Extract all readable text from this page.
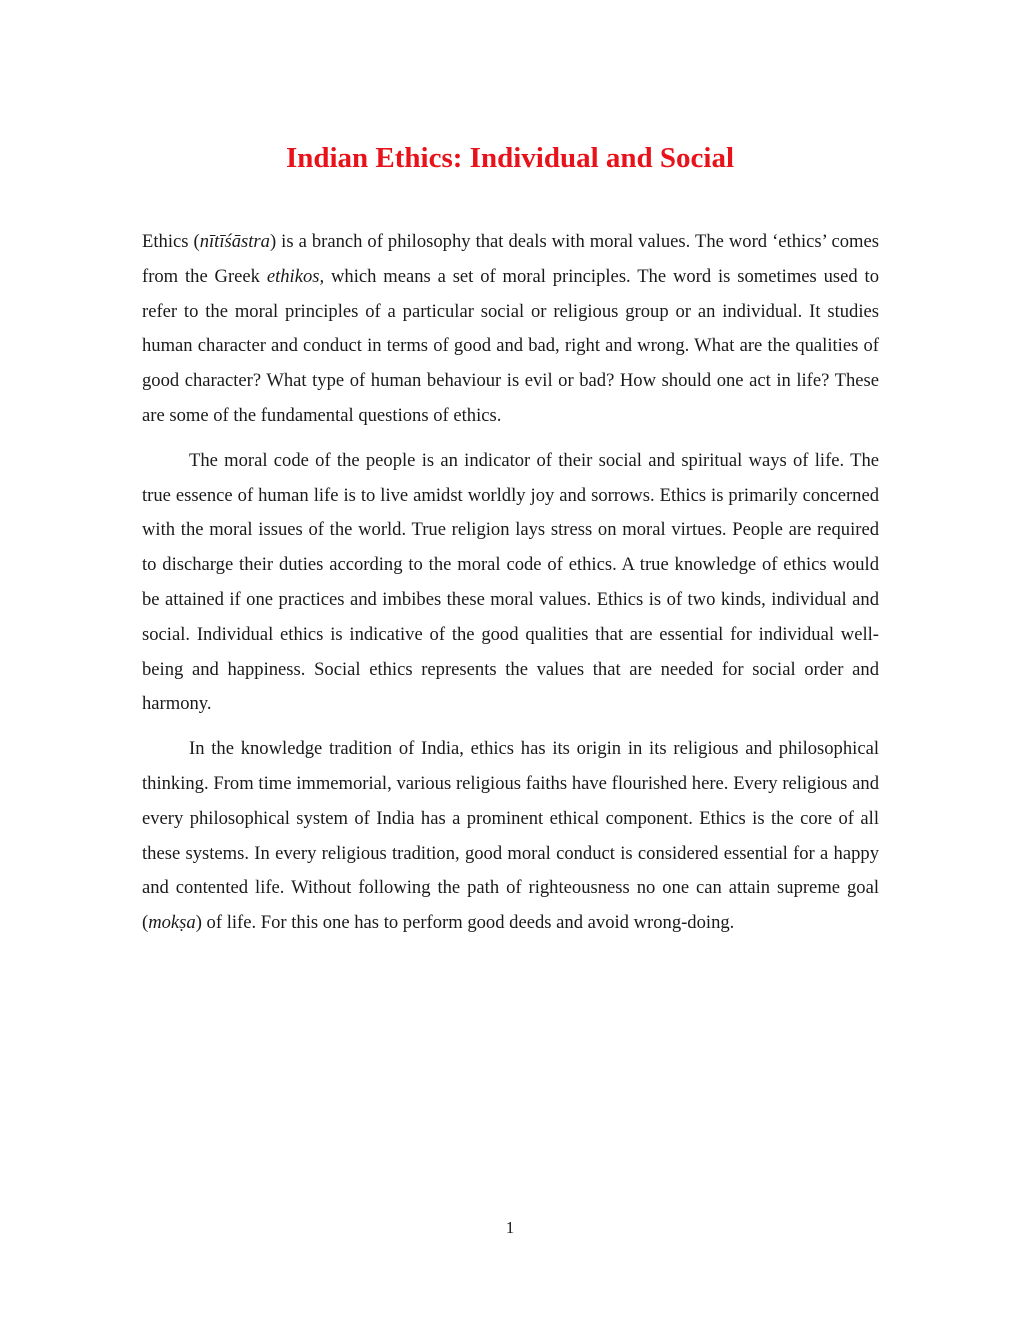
Indian Ethics: Individual and Social

Ethics (nītīśāstra) is a branch of philosophy that deals with moral values. The word ‘ethics’ comes from the Greek ethikos, which means a set of moral principles. The word is sometimes used to refer to the moral principles of a particular social or religious group or an individual. It studies human character and conduct in terms of good and bad, right and wrong. What are the qualities of good character? What type of human behaviour is evil or bad? How should one act in life? These are some of the fundamental questions of ethics.

The moral code of the people is an indicator of their social and spiritual ways of life. The true essence of human life is to live amidst worldly joy and sorrows. Ethics is primarily concerned with the moral issues of the world. True religion lays stress on moral virtues. People are required to discharge their duties according to the moral code of ethics. A true knowledge of ethics would be attained if one practices and imbibes these moral values. Ethics is of two kinds, individual and social. Individual ethics is indicative of the good qualities that are essential for individual well-being and happiness. Social ethics represents the values that are needed for social order and harmony.

In the knowledge tradition of India, ethics has its origin in its religious and philosophical thinking. From time immemorial, various religious faiths have flourished here. Every religious and every philosophical system of India has a prominent ethical component. Ethics is the core of all these systems. In every religious tradition, good moral conduct is considered essential for a happy and contented life. Without following the path of righteousness no one can attain supreme goal (mokṣa) of life. For this one has to perform good deeds and avoid wrong-doing.

1
